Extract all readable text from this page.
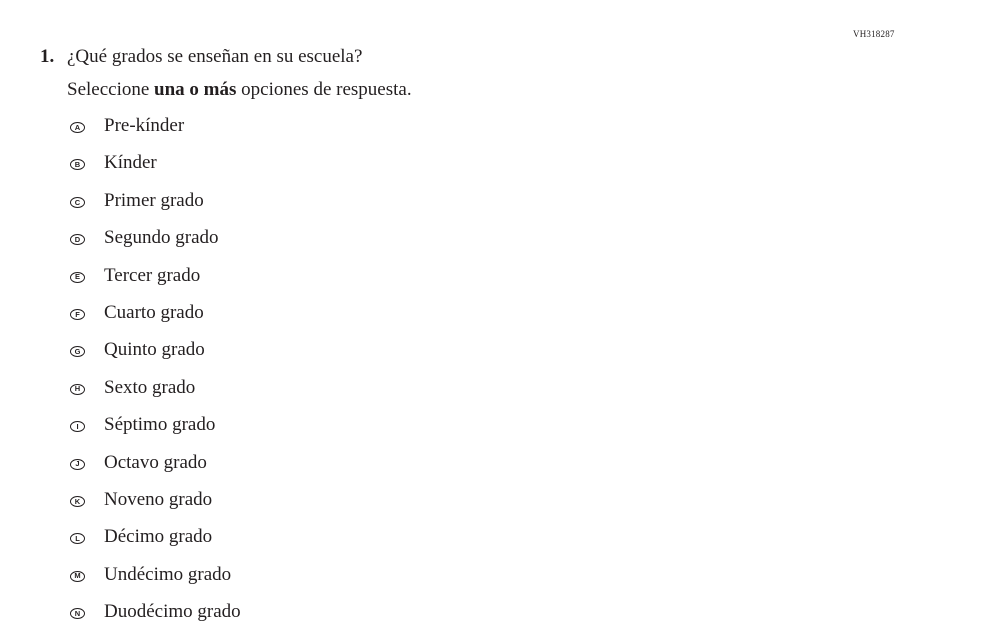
VH318287
1. ¿Qué grados se enseñan en su escuela?
Seleccione una o más opciones de respuesta.
A Pre-kínder
B Kínder
C Primer grado
D Segundo grado
E Tercer grado
F Cuarto grado
G Quinto grado
H Sexto grado
I	Séptimo grado
J Octavo grado
K Noveno grado
L Décimo grado
M Undécimo grado
N Duodécimo grado
